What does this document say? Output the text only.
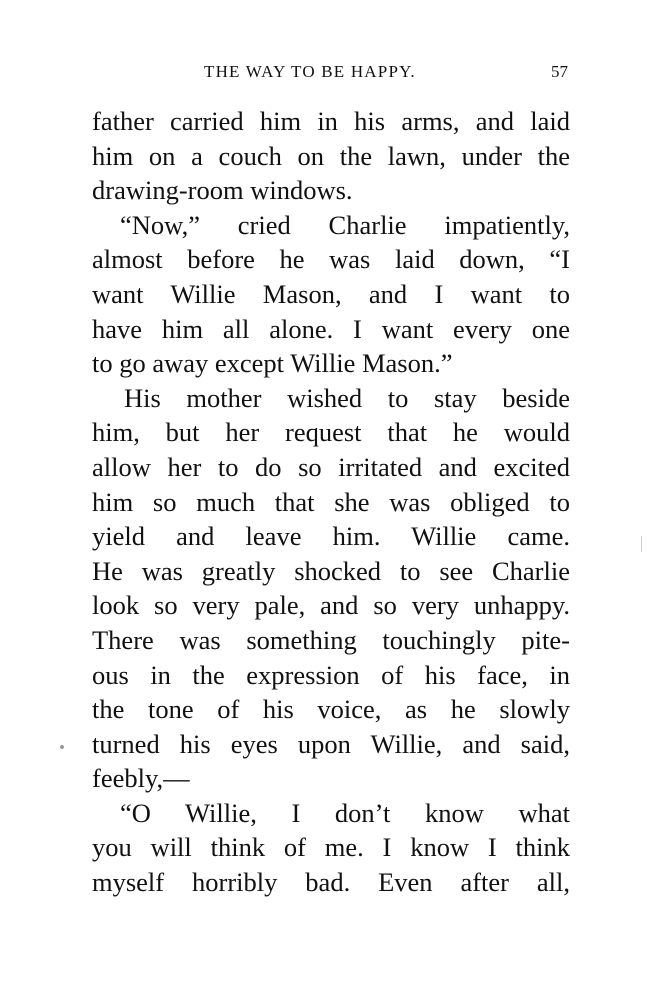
THE WAY TO BE HAPPY.	57
father carried him in his arms, and laid
him on a couch on the lawn, under the
drawing-room windows.
“Now,” cried Charlie impatiently,
almost before he was laid down, “I
want Willie Mason, and I want to
have him all alone. I want every one
to go away except Willie Mason.”
His mother wished to stay beside
him, but her request that he would
allow her to do so irritated and excited
him so much that she was obliged to
yield and leave him. Willie came.
He was greatly shocked to see Charlie
look so very pale, and so very unhappy.
There was something touchingly pite-
ous in the expression of his face, in
the tone of his voice, as he slowly
turned his eyes upon Willie, and said,
feebly,—
“O Willie, I don’t know what
you will think of me. I know I think
myself horribly bad. Even after all,
